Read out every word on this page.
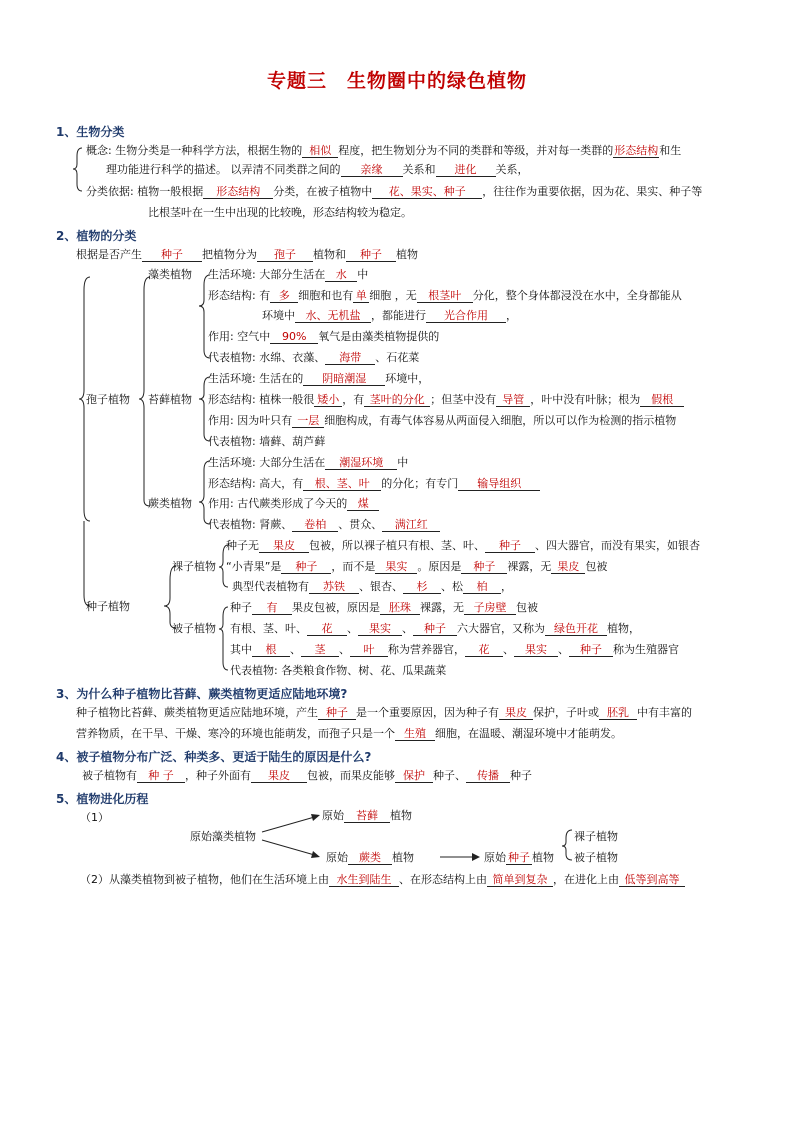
专题三　生物圈中的绿色植物
1、生物分类
概念: 生物分类是一种科学方法，根据生物的 相似 程度，把生物划分为不同的类群和等级，并对每一类群的形态结构和生
理功能进行科学的描述。 以弄清不同类群之间的 亲缘 关系和 进化 关系，
分类依据: 植物一般根据 形态结构 分类，在被子植物中 花、果实、种子 ，往往作为重要依据，因为花、果实、种子等
比根茎叶在一生中出现的比较晚，形态结构较为稳定。
2、植物的分类
根据是否产生 种子 把植物分为 孢子 植物和 种子 植物
孢子植物
种子植物
藻类植物 生活环境: 大部分生活在 水 中
形态结构: 有 多 细胞和也有 单 细胞 ，无 根茎叶 分化，整个身体都浸没在水中，全身都能从
环境中 水、无机盐 ，都能进行 光合作用 ，
作用: 空气中 90% 氧气是由藻类植物提供的
代表植物: 水绵、衣藻、 海带 、石花菜
苔藓植物
生活环境: 生活在的 阴暗潮湿 环境中，
形态结构: 植株一般很 矮小 ，有 茎叶的分化 ；但茎中没有 导管 ，叶中没有叶脉；根为 假根
作用: 因为叶只有 一层 细胞构成，有毒气体容易从两面侵入细胞，所以可以作为检测的指示植物
代表植物: 墙藓、葫芦藓
蕨类植物
生活环境: 大部分生活在 潮湿环境 中
形态结构: 高大，有 根、茎、叶 的分化；有专门 输导组织
作用: 古代蕨类形成了今天的 煤
代表植物: 肾蕨、 卷柏 、贯众、 满江红
裸子植物
种子无 果皮 包被，所以裸子植只有根、茎、叶、 种子 、四大器官，而没有果实，如银杏
“小青果”是 种子 ，而不是 果实 。原因是 种子 裸露，无 果皮 包被
典型代表植物有 苏铁 、银杏、 杉 、松 柏 ，
被子植物
种子 有 果皮包被，原因是 胚珠 裸露，无 子房壁 包被
有根、茎、叶、 花 、 果实 、 种子 六大器官，又称为 绿色开花 植物，
其中 根 、 茎 、 叶 称为营养器官， 花 、 果实 、 种子 称为生殖器官
代表植物: 各类粮食作物、树、花、瓜果蔬菜
3、为什么种子植物比苔藓、蕨类植物更适应陆地环境?
种子植物比苔藓、蕨类植物更适应陆地环境，产生 种子 是一个重要原因，因为种子有 果皮 保护，子叶或 胚乳 中有丰富的
营养物质，在干旱、干燥、寒冷的环境也能萌发，而孢子只是一个 生殖 细胞，在温暖、潮湿环境中才能萌发。
4、被子植物分布广泛、种类多、更适于陆生的原因是什么?
被子植物有 种 子 ，种子外面有 果皮 包被，而果皮能够 保护 种子、 传播 种子
5、植物进化历程
（1）
原始藻类植物
原始 苔藓 植物
原始 蕨类 植物	原始 种子 植物
裸子植物
被子植物
（2）从藻类植物到被子植物，他们在生活环境上由 水生到陆生 、在形态结构上由 简单到复杂 ，在进化上由 低等到高等
